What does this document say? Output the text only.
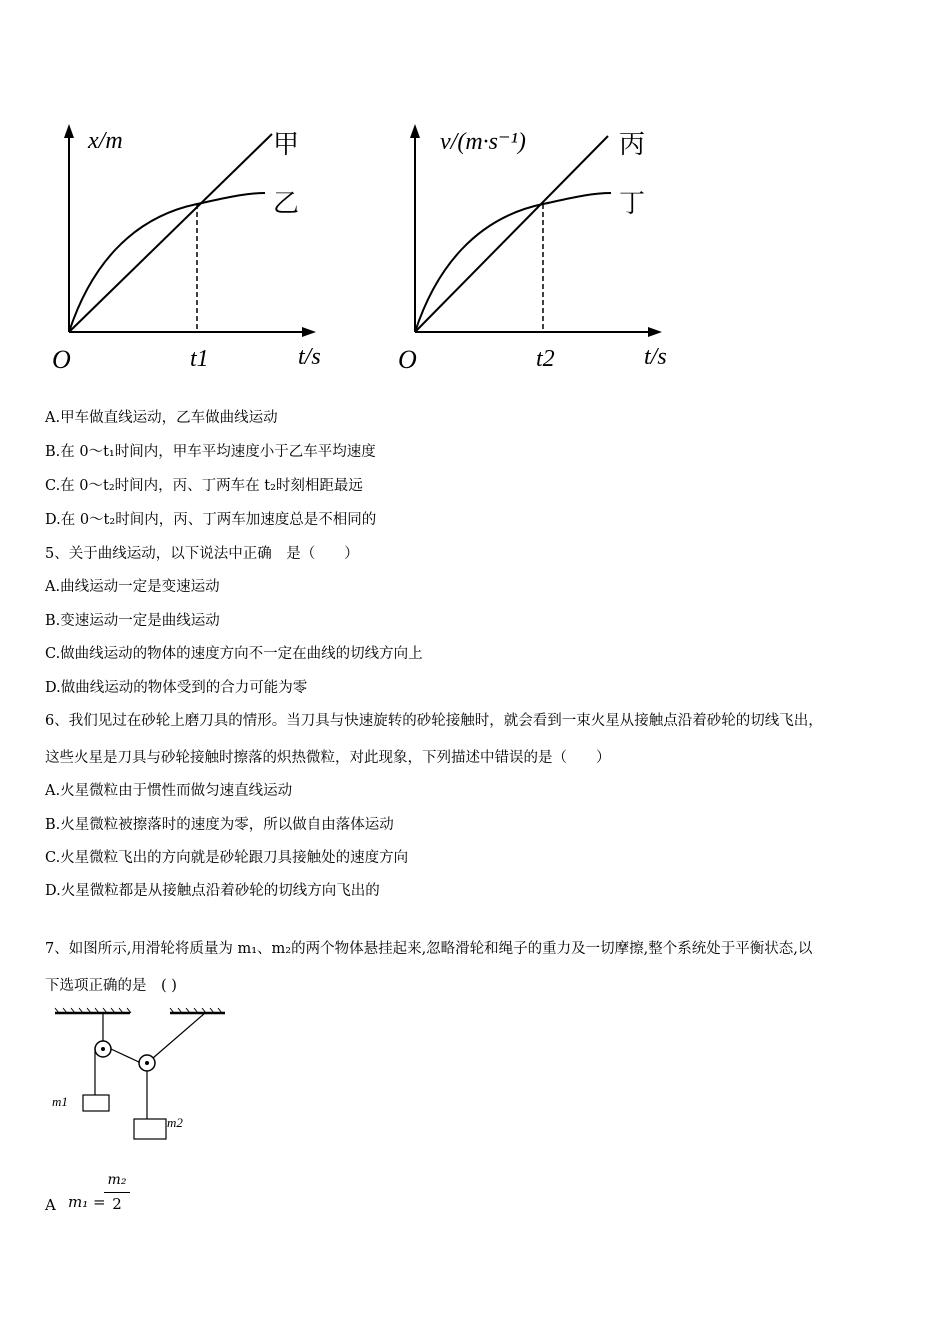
x/m	甲
乙
O	t1	t/s
v/(m·s⁻¹)	丙
丁
O	t2	t/s
A.甲车做直线运动，乙车做曲线运动
B.在 0～t₁时间内，甲车平均速度小于乙车平均速度
C.在 0～t₂时间内，丙、丁两车在 t₂时刻相距最远
D.在 0～t₂时间内，丙、丁两车加速度总是不相同的
5、关于曲线运动，以下说法中正确　是（　　）
A.曲线运动一定是变速运动
B.变速运动一定是曲线运动
C.做曲线运动的物体的速度方向不一定在曲线的切线方向上
D.做曲线运动的物体受到的合力可能为零
6、我们见过在砂轮上磨刀具的情形。当刀具与快速旋转的砂轮接触时，就会看到一束火星从接触点沿着砂轮的切线飞出，
这些火星是刀具与砂轮接触时擦落的炽热微粒，对此现象，下列描述中错误的是（　　）
A.火星微粒由于惯性而做匀速直线运动
B.火星微粒被擦落时的速度为零，所以做自由落体运动
C.火星微粒飞出的方向就是砂轮跟刀具接触处的速度方向
D.火星微粒都是从接触点沿着砂轮的切线方向飞出的
7、如图所示,用滑轮将质量为 m₁、m₂的两个物体悬挂起来,忽略滑轮和绳子的重力及一切摩擦,整个系统处于平衡状态,以
下选项正确的是　( )
m1
m2
A m₁ =
m₂
2
